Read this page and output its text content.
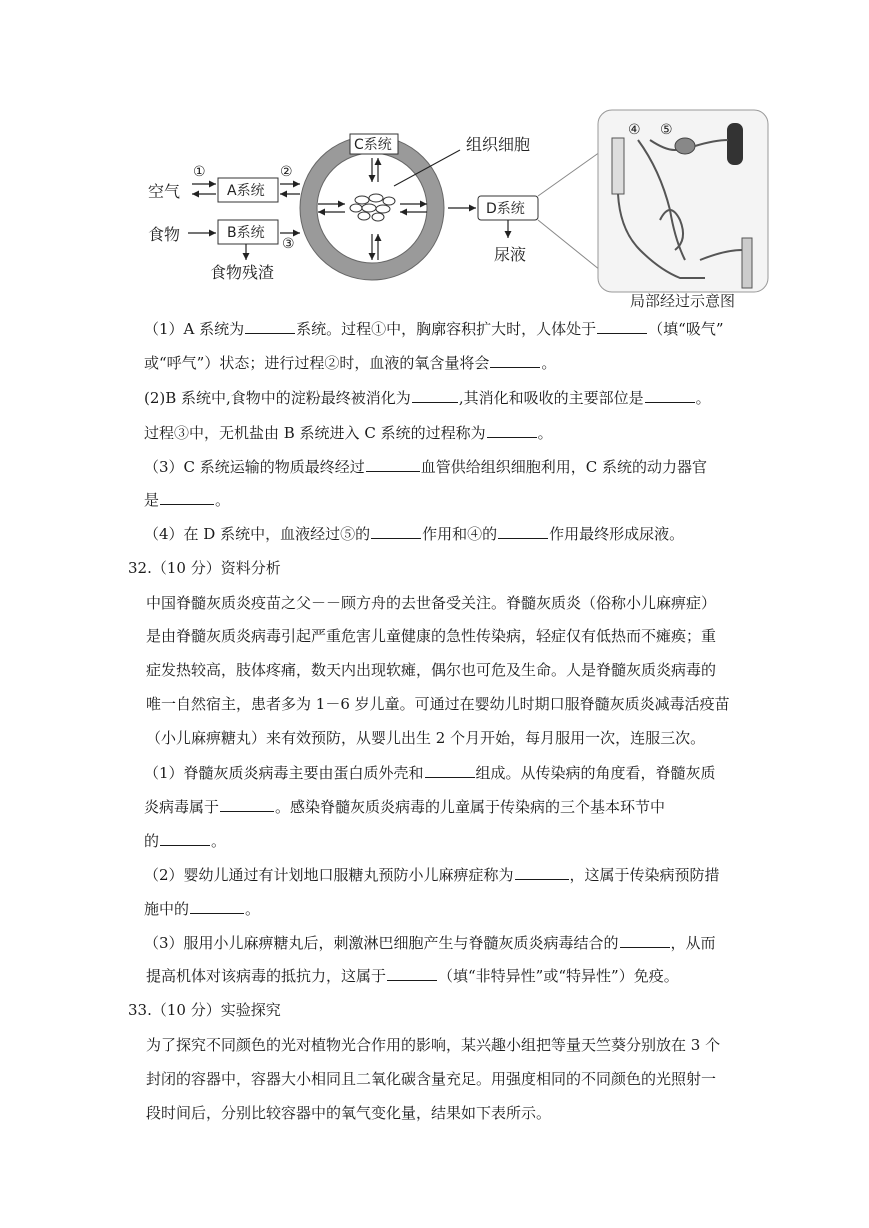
空气
食物
A系统
B系统
①
食物残渣
②
③
C系统	组织细胞
D系统
尿液
④ ⑤
局部经过示意图
（1）A 系统为	系统。过程①中，胸廓容积扩大时，人体处于	（填“吸气”
或“呼气”）状态；进行过程②时，血液的氧含量将会	。
(2)B 系统中,食物中的淀粉最终被消化为	,其消化和吸收的主要部位是	。
过程③中，无机盐由 B 系统进入 C 系统的过程称为	。
（3）C 系统运输的物质最终经过	血管供给组织细胞利用，C 系统的动力器官
是	。
（4）在 D 系统中，血液经过⑤的	作用和④的	作用最终形成尿液。
32.（10 分）资料分析
中国脊髓灰质炎疫苗之父－－顾方舟的去世备受关注。脊髓灰质炎（俗称小儿麻痹症）
是由脊髓灰质炎病毒引起严重危害儿童健康的急性传染病，轻症仅有低热而不瘫痪；重
症发热较高，肢体疼痛，数天内出现软瘫，偶尔也可危及生命。人是脊髓灰质炎病毒的
唯一自然宿主，患者多为 1－6 岁儿童。可通过在婴幼儿时期口服脊髓灰质炎减毒活疫苗
（小儿麻痹糖丸）来有效预防，从婴儿出生 2 个月开始，每月服用一次，连服三次。
（1）脊髓灰质炎病毒主要由蛋白质外壳和	组成。从传染病的角度看，脊髓灰质
炎病毒属于	。感染脊髓灰质炎病毒的儿童属于传染病的三个基本环节中
的	。
（2）婴幼儿通过有计划地口服糖丸预防小儿麻痹症称为	，这属于传染病预防措
施中的	。
（3）服用小儿麻痹糖丸后，刺激淋巴细胞产生与脊髓灰质炎病毒结合的	，从而
提高机体对该病毒的抵抗力，这属于	（填“非特异性”或“特异性”）免疫。
33.（10 分）实验探究
为了探究不同颜色的光对植物光合作用的影响，某兴趣小组把等量天竺葵分别放在 3 个
封闭的容器中，容器大小相同且二氧化碳含量充足。用强度相同的不同颜色的光照射一
段时间后，分别比较容器中的氧气变化量，结果如下表所示。
